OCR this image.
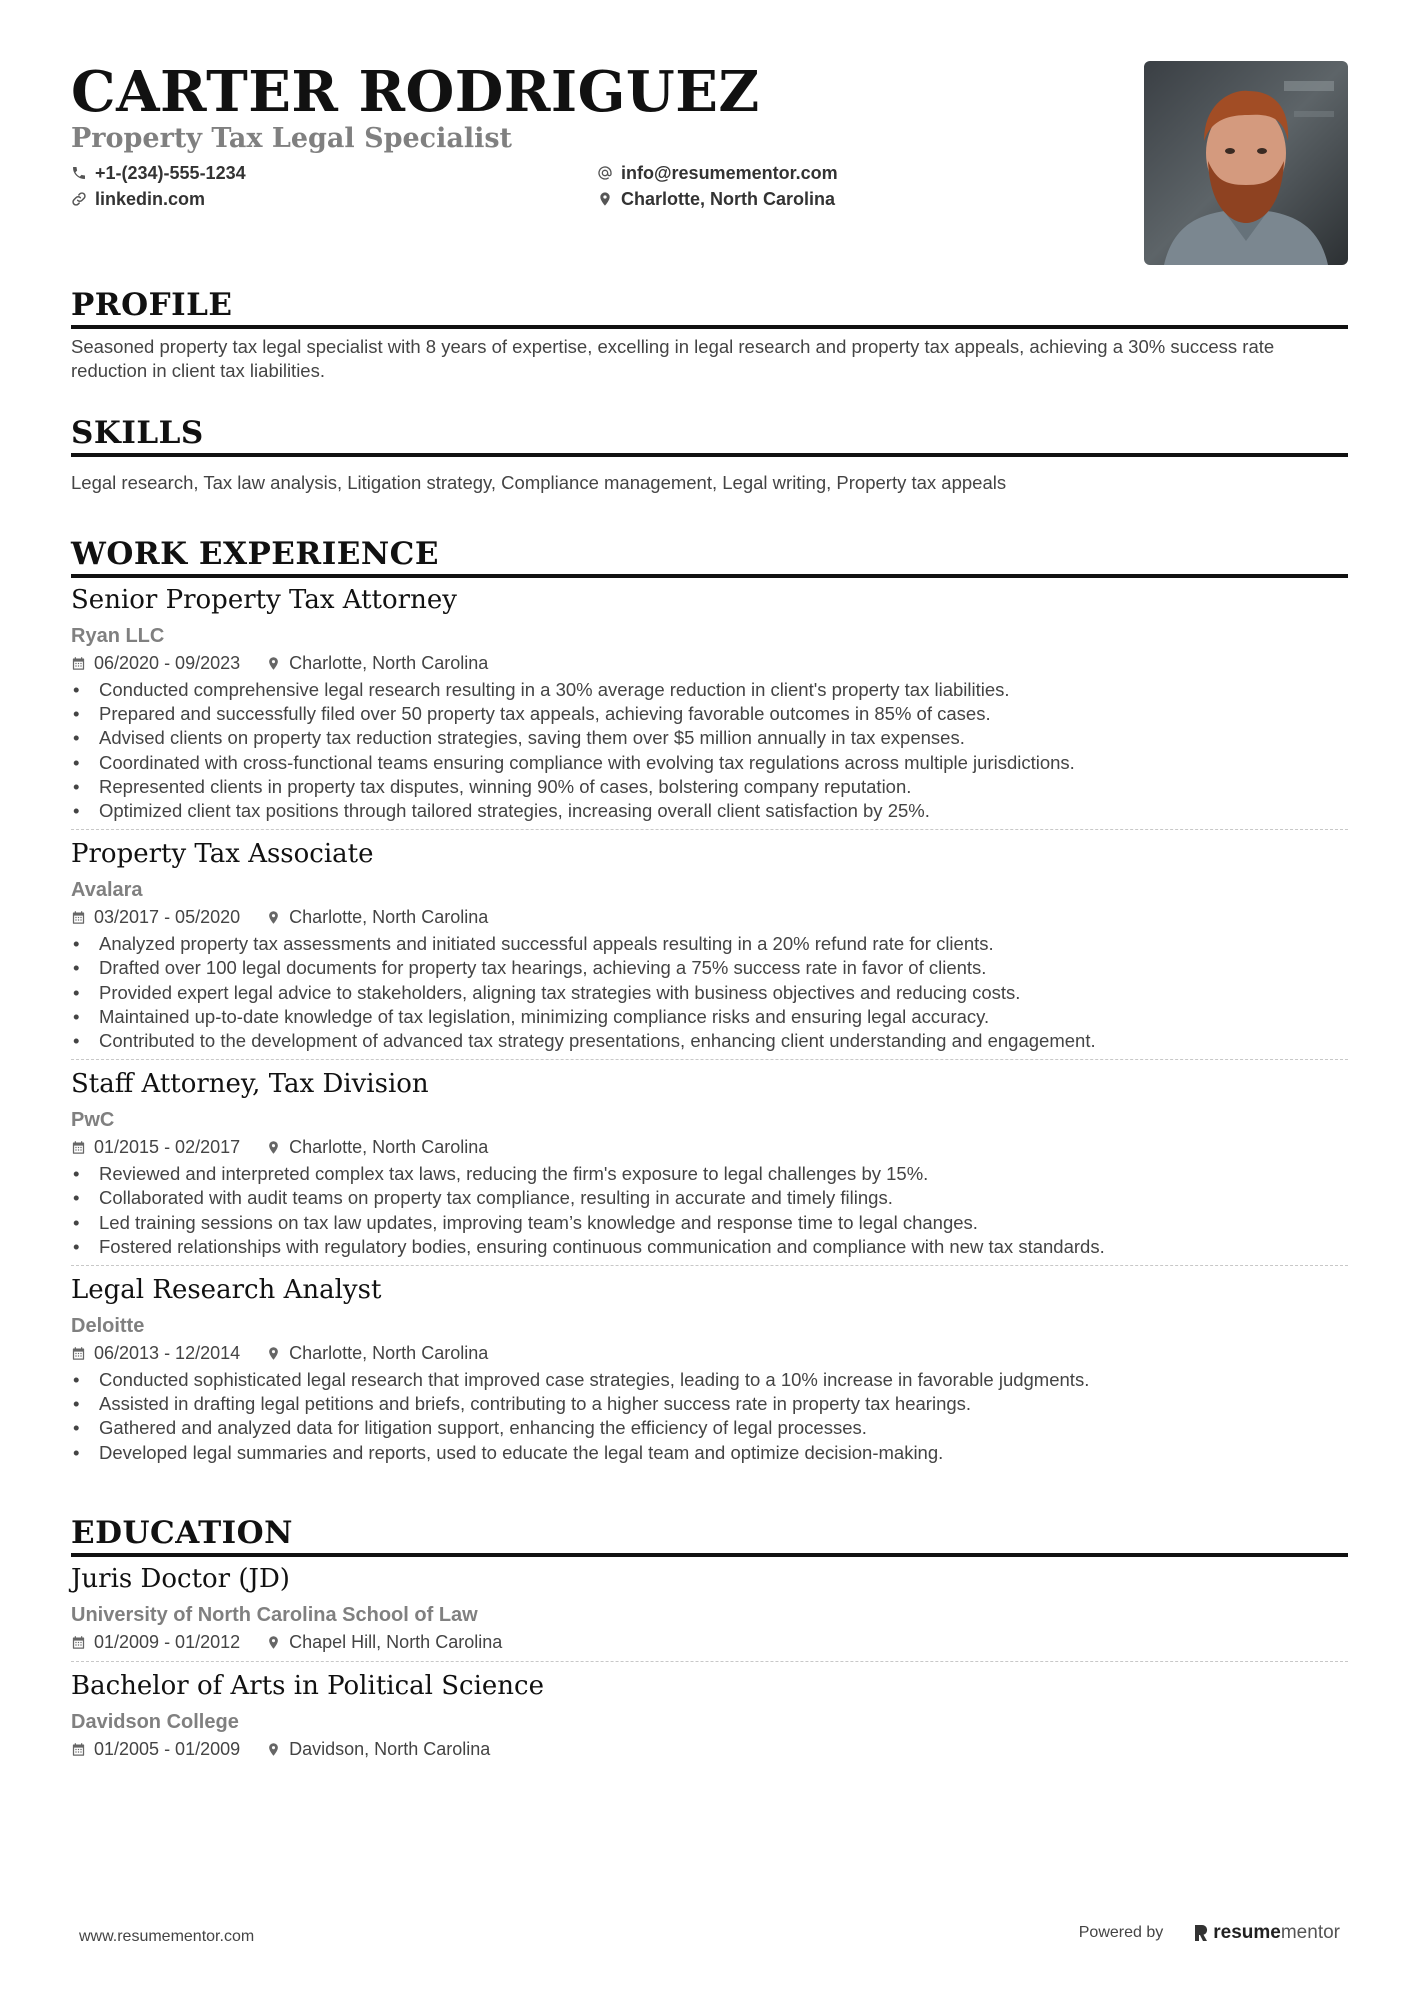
CARTER RODRIGUEZ
Property Tax Legal Specialist
+1-(234)-555-1234
linkedin.com
info@resumementor.com
Charlotte, North Carolina
PROFILE
Seasoned property tax legal specialist with 8 years of expertise, excelling in legal research and property tax appeals, achieving a 30% success rate reduction in client tax liabilities.
SKILLS
Legal research, Tax law analysis, Litigation strategy, Compliance management, Legal writing, Property tax appeals
WORK EXPERIENCE
Senior Property Tax Attorney
Ryan LLC
06/2020 - 09/2023	Charlotte, North Carolina
• Conducted comprehensive legal research resulting in a 30% average reduction in client's property tax liabilities.
• Prepared and successfully filed over 50 property tax appeals, achieving favorable outcomes in 85% of cases.
• Advised clients on property tax reduction strategies, saving them over $5 million annually in tax expenses.
• Coordinated with cross-functional teams ensuring compliance with evolving tax regulations across multiple jurisdictions.
• Represented clients in property tax disputes, winning 90% of cases, bolstering company reputation.
• Optimized client tax positions through tailored strategies, increasing overall client satisfaction by 25%.
Property Tax Associate
Avalara
03/2017 - 05/2020	Charlotte, North Carolina
• Analyzed property tax assessments and initiated successful appeals resulting in a 20% refund rate for clients.
• Drafted over 100 legal documents for property tax hearings, achieving a 75% success rate in favor of clients.
• Provided expert legal advice to stakeholders, aligning tax strategies with business objectives and reducing costs.
• Maintained up-to-date knowledge of tax legislation, minimizing compliance risks and ensuring legal accuracy.
• Contributed to the development of advanced tax strategy presentations, enhancing client understanding and engagement.
Staff Attorney, Tax Division
PwC
01/2015 - 02/2017	Charlotte, North Carolina
• Reviewed and interpreted complex tax laws, reducing the firm's exposure to legal challenges by 15%.
• Collaborated with audit teams on property tax compliance, resulting in accurate and timely filings.
• Led training sessions on tax law updates, improving team’s knowledge and response time to legal changes.
• Fostered relationships with regulatory bodies, ensuring continuous communication and compliance with new tax standards.
Legal Research Analyst
Deloitte
06/2013 - 12/2014	Charlotte, North Carolina
• Conducted sophisticated legal research that improved case strategies, leading to a 10% increase in favorable judgments.
• Assisted in drafting legal petitions and briefs, contributing to a higher success rate in property tax hearings.
• Gathered and analyzed data for litigation support, enhancing the efficiency of legal processes.
• Developed legal summaries and reports, used to educate the legal team and optimize decision-making.
EDUCATION
Juris Doctor (JD)
University of North Carolina School of Law
01/2009 - 01/2012	Chapel Hill, North Carolina
Bachelor of Arts in Political Science
Davidson College
01/2005 - 01/2009	Davidson, North Carolina
www.resumementor.com	Powered by	resume mentor
